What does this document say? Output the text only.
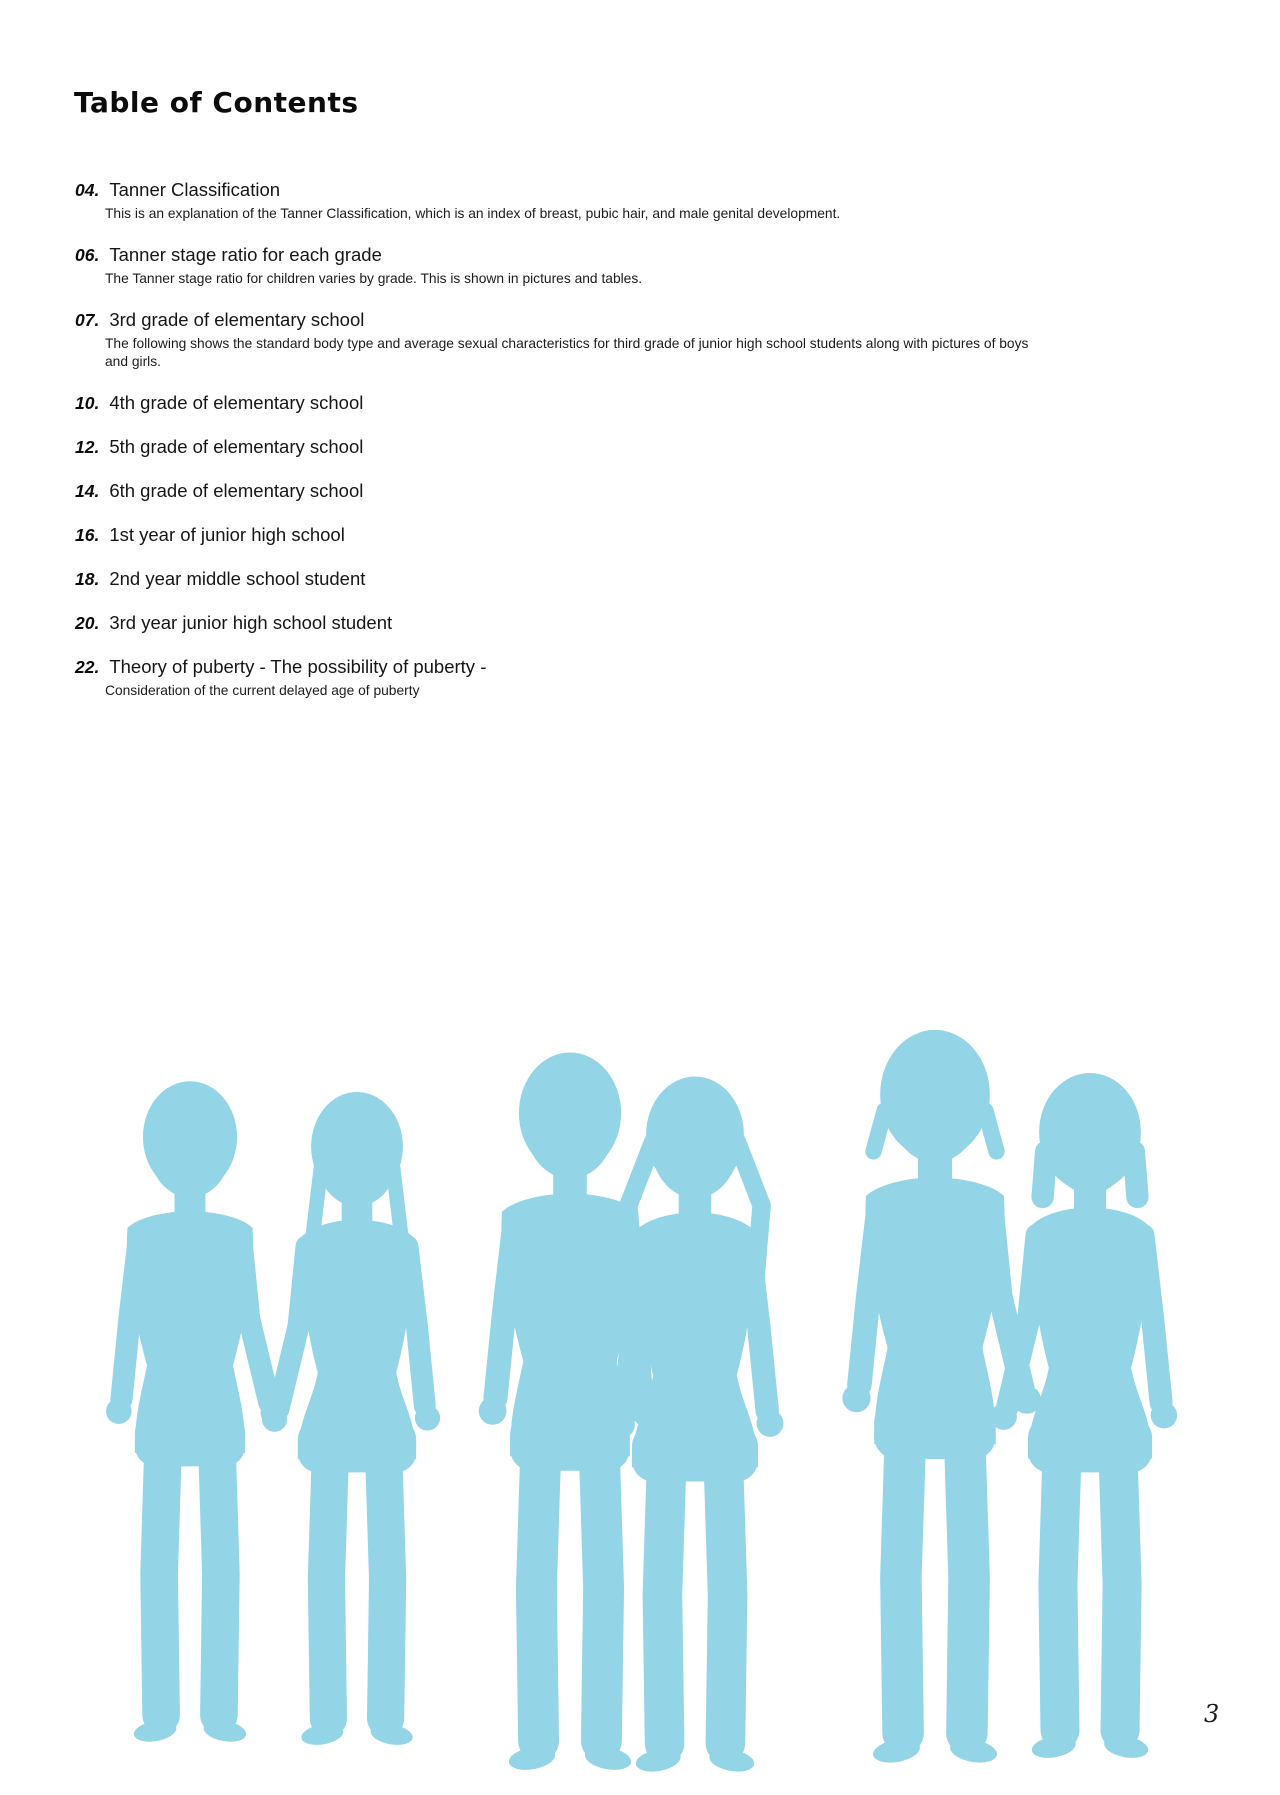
Table of Contents
04. Tanner Classification
This is an explanation of the Tanner Classification, which is an index of breast, pubic hair, and male genital development.
06. Tanner stage ratio for each grade
The Tanner stage ratio for children varies by grade. This is shown in pictures and tables.
07. 3rd grade of elementary school
The following shows the standard body type and average sexual characteristics for third grade of junior high school students along with pictures of boys and girls.
10. 4th grade of elementary school
12. 5th grade of elementary school
14. 6th grade of elementary school
16. 1st year of junior high school
18. 2nd year middle school student
20. 3rd year junior high school student
22. Theory of puberty - The possibility of puberty -
Consideration of the current delayed age of puberty
3
